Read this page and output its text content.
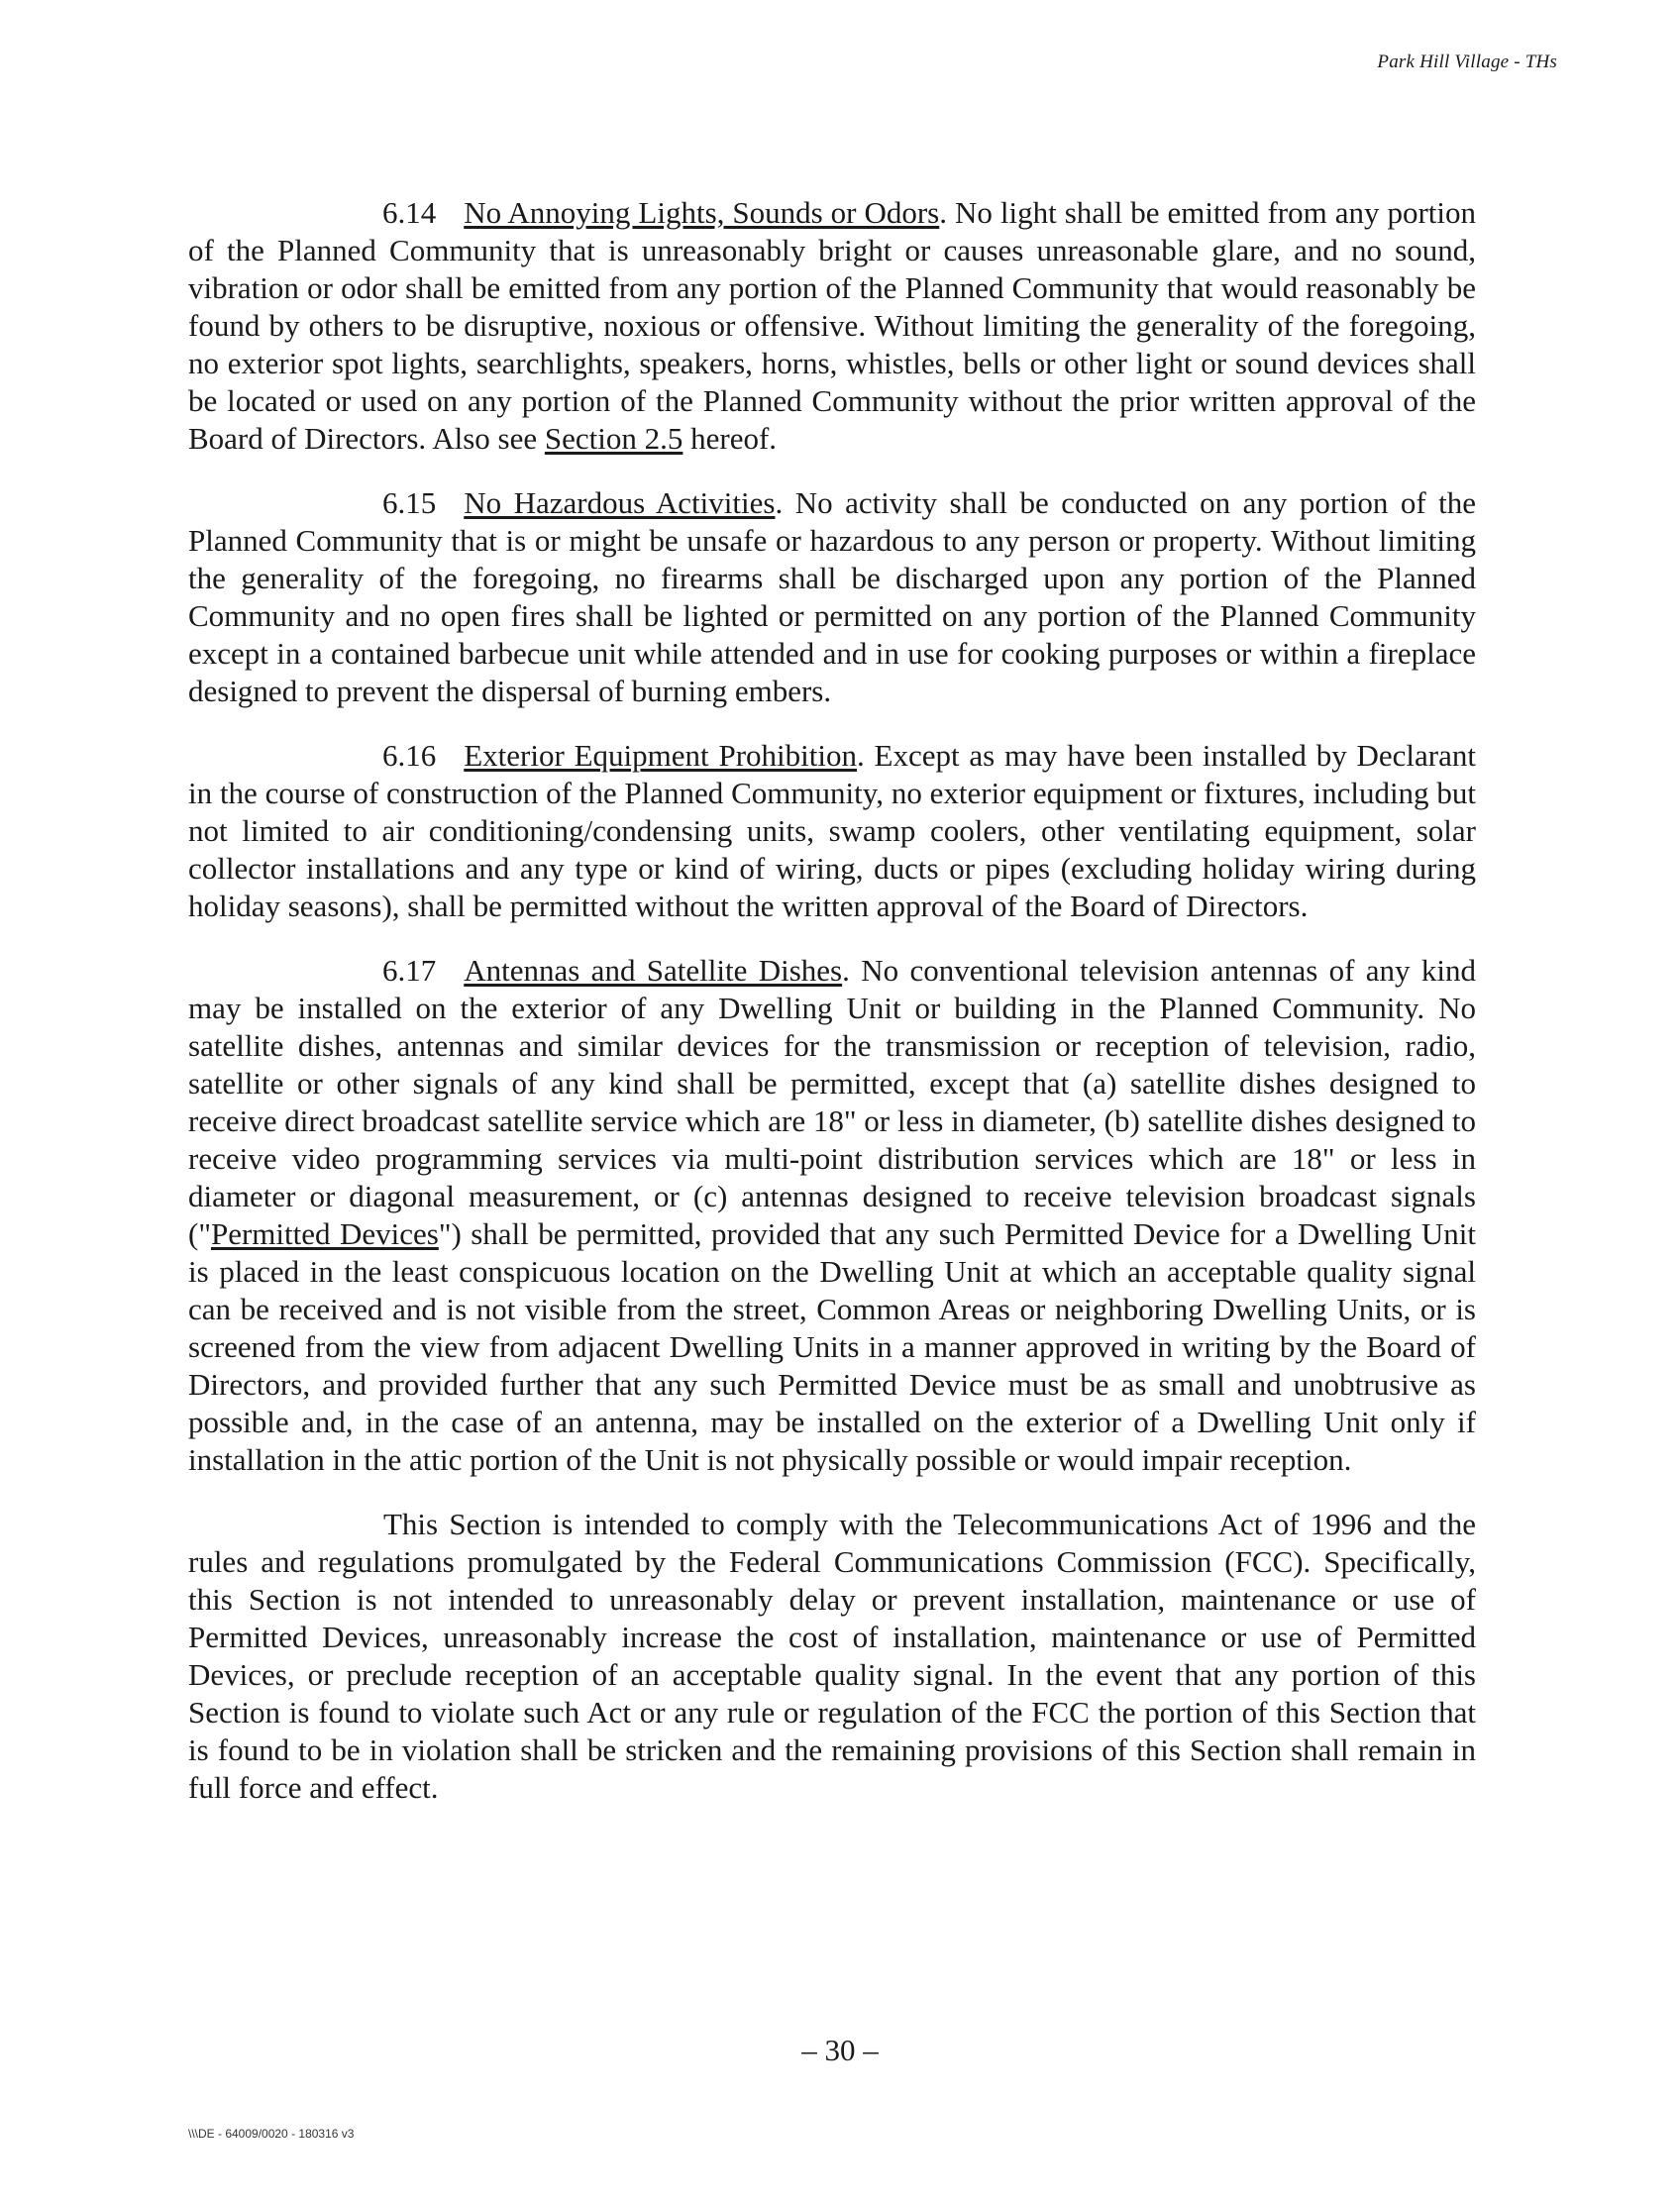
Park Hill Village - THs

6.14 No Annoying Lights, Sounds or Odors. No light shall be emitted from any portion of the Planned Community that is unreasonably bright or causes unreasonable glare, and no sound, vibration or odor shall be emitted from any portion of the Planned Community that would reasonably be found by others to be disruptive, noxious or offensive. Without limiting the generality of the foregoing, no exterior spot lights, searchlights, speakers, horns, whistles, bells or other light or sound devices shall be located or used on any portion of the Planned Community without the prior written approval of the Board of Directors. Also see Section 2.5 hereof.

6.15 No Hazardous Activities. No activity shall be conducted on any portion of the Planned Community that is or might be unsafe or hazardous to any person or property. Without limiting the generality of the foregoing, no firearms shall be discharged upon any portion of the Planned Community and no open fires shall be lighted or permitted on any portion of the Planned Community except in a contained barbecue unit while attended and in use for cooking purposes or within a fireplace designed to prevent the dispersal of burning embers.

6.16 Exterior Equipment Prohibition. Except as may have been installed by Declarant in the course of construction of the Planned Community, no exterior equipment or fixtures, including but not limited to air conditioning/condensing units, swamp coolers, other ventilating equipment, solar collector installations and any type or kind of wiring, ducts or pipes (excluding holiday wiring during holiday seasons), shall be permitted without the written approval of the Board of Directors.

6.17 Antennas and Satellite Dishes. No conventional television antennas of any kind may be installed on the exterior of any Dwelling Unit or building in the Planned Community. No satellite dishes, antennas and similar devices for the transmission or reception of television, radio, satellite or other signals of any kind shall be permitted, except that (a) satellite dishes designed to receive direct broadcast satellite service which are 18" or less in diameter, (b) satellite dishes designed to receive video programming services via multi-point distribution services which are 18" or less in diameter or diagonal measurement, or (c) antennas designed to receive television broadcast signals ("Permitted Devices") shall be permitted, provided that any such Permitted Device for a Dwelling Unit is placed in the least conspicuous location on the Dwelling Unit at which an acceptable quality signal can be received and is not visible from the street, Common Areas or neighboring Dwelling Units, or is screened from the view from adjacent Dwelling Units in a manner approved in writing by the Board of Directors, and provided further that any such Permitted Device must be as small and unobtrusive as possible and, in the case of an antenna, may be installed on the exterior of a Dwelling Unit only if installation in the attic portion of the Unit is not physically possible or would impair reception.

This Section is intended to comply with the Telecommunications Act of 1996 and the rules and regulations promulgated by the Federal Communications Commission (FCC). Specifically, this Section is not intended to unreasonably delay or prevent installation, maintenance or use of Permitted Devices, unreasonably increase the cost of installation, maintenance or use of Permitted Devices, or preclude reception of an acceptable quality signal. In the event that any portion of this Section is found to violate such Act or any rule or regulation of the FCC the portion of this Section that is found to be in violation shall be stricken and the remaining provisions of this Section shall remain in full force and effect.

– 30 –
\\\DE - 64009/0020 - 180316 v3
